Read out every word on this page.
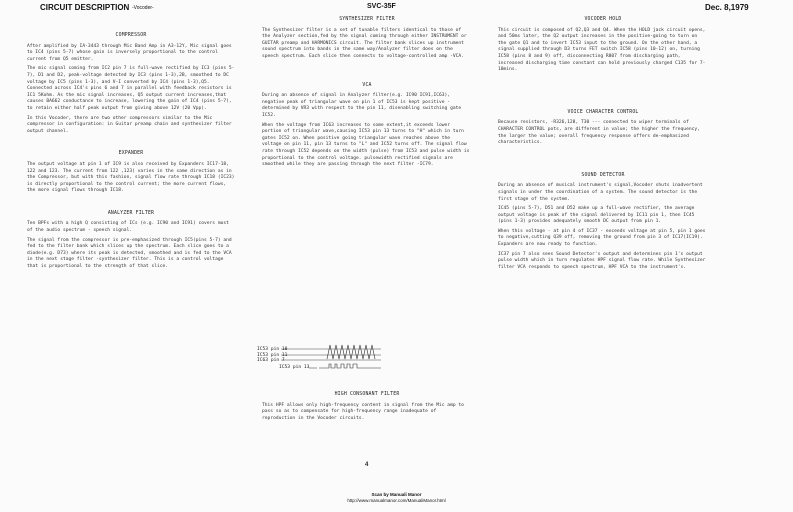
CIRCUIT DESCRIPTION -Vocoder-	SVC-35F	Dec. 8,1979
COMPRESSOR

After amplified by IA-3443 through Mic Band Amp in A3-12Y, Mic signal goes to IC4 (pins 5-7) whose gain is inversely proportional to the control current from Q5 emitter.

The mic signal coming from IC2 pin 7 is full-wave rectified by IC3 (pins 5-7), D1 and D2, peak-voltage detected by IC3 (pins 1-3),2B, smoothed to DC voltage by IC5 (pins 1-3), and V-I converted by IC4 (pins 1-3),Q5. Connected across IC4's pins 6 and 7 in parallel with feedback resistors is IC1 5Kohm. As the mic signal increases, Q5 output current increases,that causes BA662 conductance to increase, lowering the gain of IC4 (pins 5-7), to retain either half peak output from giving above 12V (20 Vpp).

In this Vocoder, there are two other compressors similar to the Mic compressor in configuration: in Guitar preamp chain and synthesizer filter output channel.

EXPANDER

The output voltage at pin 1 of IC9 is also received by Expanders IC17-18, 122 and 123. The current from 122 ,123) varies in the same direction as in the Compressor, but with this fashion, signal flow rate through IC18 (IC23) is directly proportional to the control current; the more current flows, the more signal flows through IC18.

ANALYZER FILTER

Ten BPFs with a high Q consisting of ICs (e.g. IC90 and IC91) covers most of the audio spectrum - speech signal.

The signal from the compressor is pre-emphasized through IC5(pins 5-7) and fed to the filter bank which slices up the spectrum. Each slice goes to a diode(e.g. D73) where its peak is detected, smoothed and is fed to the VCA in the next stage filter -synthesizer filter. This is a control voltage that is proportional to the strength of that slice.

SYNTHESIZER FILTER

The Synthesizer filter is a set of tunable filters identical to those of the Analyzer section,fed by the signal coming through either INSTRUMENT or GUITAR preamp and HARMONICS circuit. The filter bank slices up instrument sound spectrum into bands in the same way/Analyzer filter does on the speech spectrum. Each slice then connects to voltage-controlled amp -VCA.

VCA

During an absence of signal in Analyzer filter(e.g. IC90 IC91,IC63), negative peak of triangular wave on pin 1 of IC53 is kept positive -determined by VR3 with respect to the pin 11, disenabling switching gate IC52.

When the voltage from IC63 increases to some extent,it exceeds lower portion of triangular wave,causing IC53 pin 13 turns to "H" which in turn gates IC52 on. When positive going triangular wave reaches above the voltage on pin 11, pin 13 turns to "L" and IC52 turns off. The signal flow rate through IC52 depends on the width (pulse) from IC53 and pulse width is proportional to the control voltage. pulsewidth rectified signals are smoothed while they are passing through the next filter -IC79.

IC53 pin 10
IC53 pin 11
IC63 pin 7
IC53 pin 13
HIGH CONSONANT FILTER

This HPF allows only high-frequency content in signal from the Mic amp to pass so as to compensate for high-frequency range inadequate of reproduction in the Vocoder circuits.

4
VOCODER HOLD

This circuit is composed of Q2,Q3 and Q4. When the HOLD jack circuit opens, and 50ms later, the Q2 output increases in the positive-going to turn on the gate Q1 and to invert IC53 input to the ground. On the other hand, a signal supplied through D3 turns FET switch IC58 (pins 10-12) on, turning IC58 (pins 8 and 9) off, disconnecting R807 from discharging path, increased discharging time constant can hold previously charged C135 for 7-10mins.

VOICE CHARACTER CONTROL

Because resistors, -R326,128, T30 --- connected to wiper terminals of CHARACTER CONTROL pots, are different in value; the higher the frequency, the larger the value; overall frequency response offers de-emphasized characteristics.

SOUND DETECTOR

During an absence of musical instrument's signal,Vocoder shuts inadvertent signals in under the coordination of a system. The sound detector is the first stage of the system.

IC45 (pins 5-7), D51 and D52 make up a full-wave rectifier, the average output voltage is peak of the signal delivered by IC11 pin 1, then IC45 (pins 1-3) provides adequately smooth DC output from pin 1.

When this voltage - at pin 4 of IC37 - exceeds voltage at pin 5, pin 1 goes to negative,cutting Q39 off, removing the ground from pin 3 of IC17(IC19). Expanders are now ready to function.

IC37 pin 7 also sees Sound Detector's output and determines pin 1's output pulse width which in turn regulates HPF signal flow rate. While Synthesizer filter VCA responds to speech spectrum, HPF VCA to the instrument's.

Scan by Manuali Manor
http://www.manualmanor.com/ManualiManor.html
